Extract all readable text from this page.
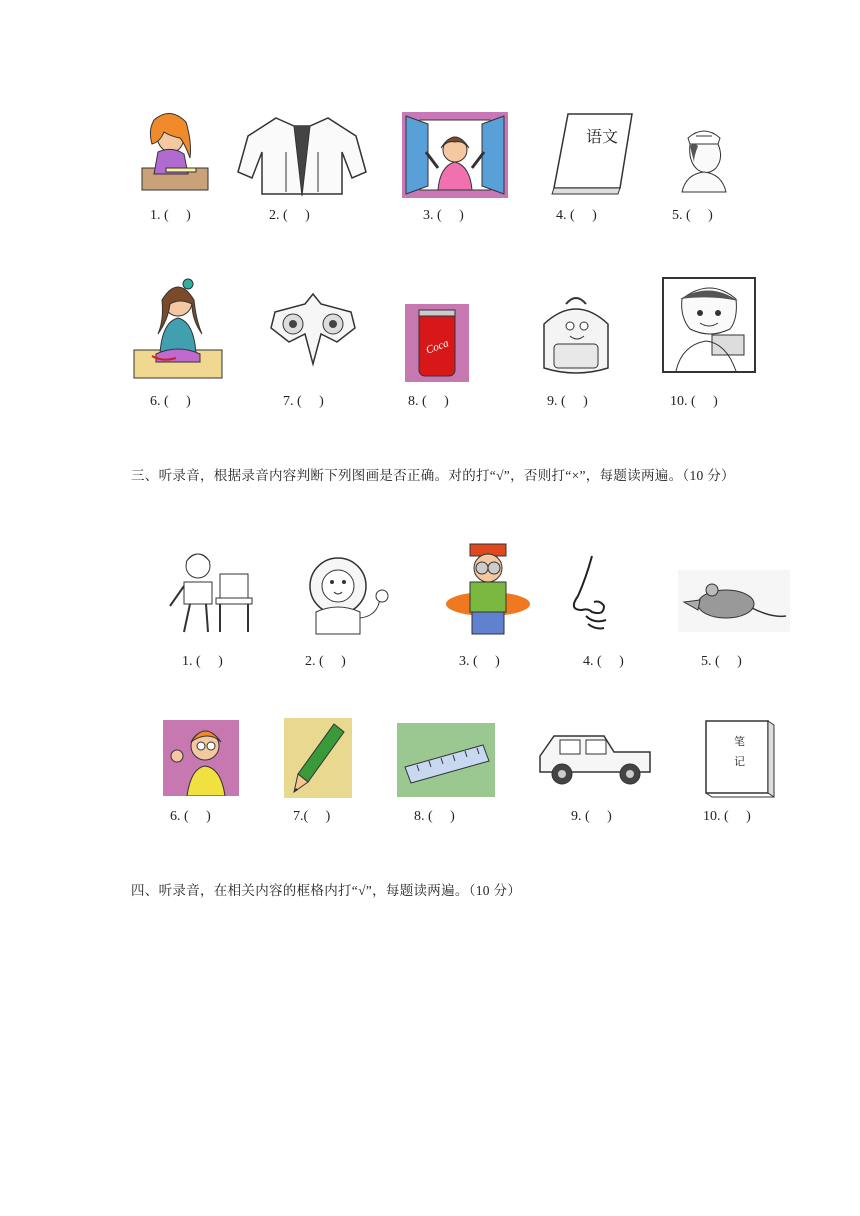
语文
1. (     )	2. (     )	3. (     )	4. (     )	5. (     )
Coca
6. (     )	7. (     )	8. (     )	9. (     )	10. (     )
三、听录音，根据录音内容判断下列图画是否正确。对的打“√”，否则打“×”，每题读两遍。（10 分）
1. (     )	2. (     )	3. (     )	4. (     )	5. (     )
笔
记
6. (     )	7.(     )	8. (     )	9. (     )	10. (     )
四、听录音，在相关内容的框格内打“√”，每题读两遍。（10 分）
